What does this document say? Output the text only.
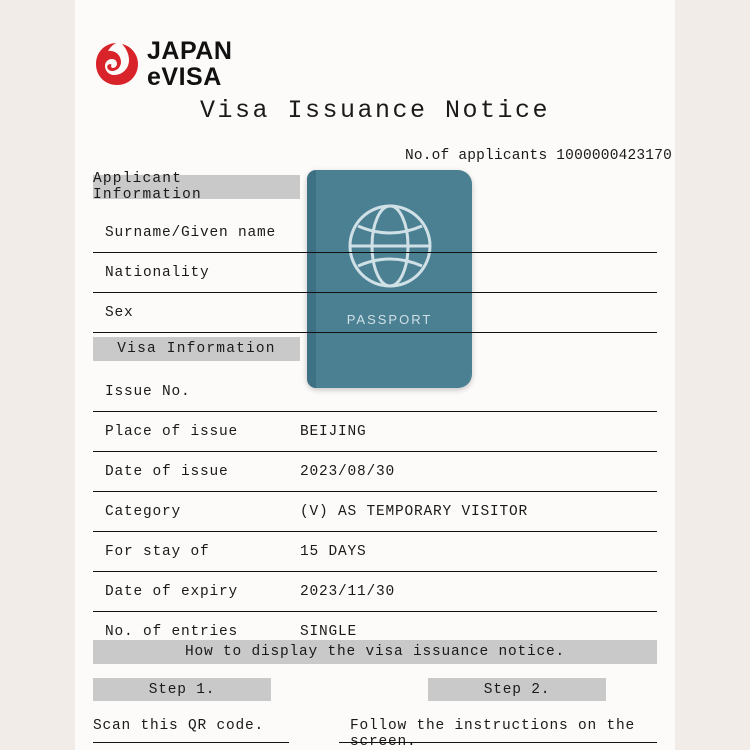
JAPAN
eVISA
Visa Issuance Notice
No.of applicants 1000000423170
PASSPORT
Applicant Information
Surname/Given name
Nationality
Sex
Visa Information
Issue No.
Place of issue	BEIJING
Date of issue	2023/08/30
Category	(V) AS TEMPORARY VISITOR
For stay of	15 DAYS
Date of expiry	2023/11/30
No. of entries	SINGLE
How to display the visa issuance notice.
Step 1.	Step 2.
Scan this QR code.	Follow the instructions on the screen.
